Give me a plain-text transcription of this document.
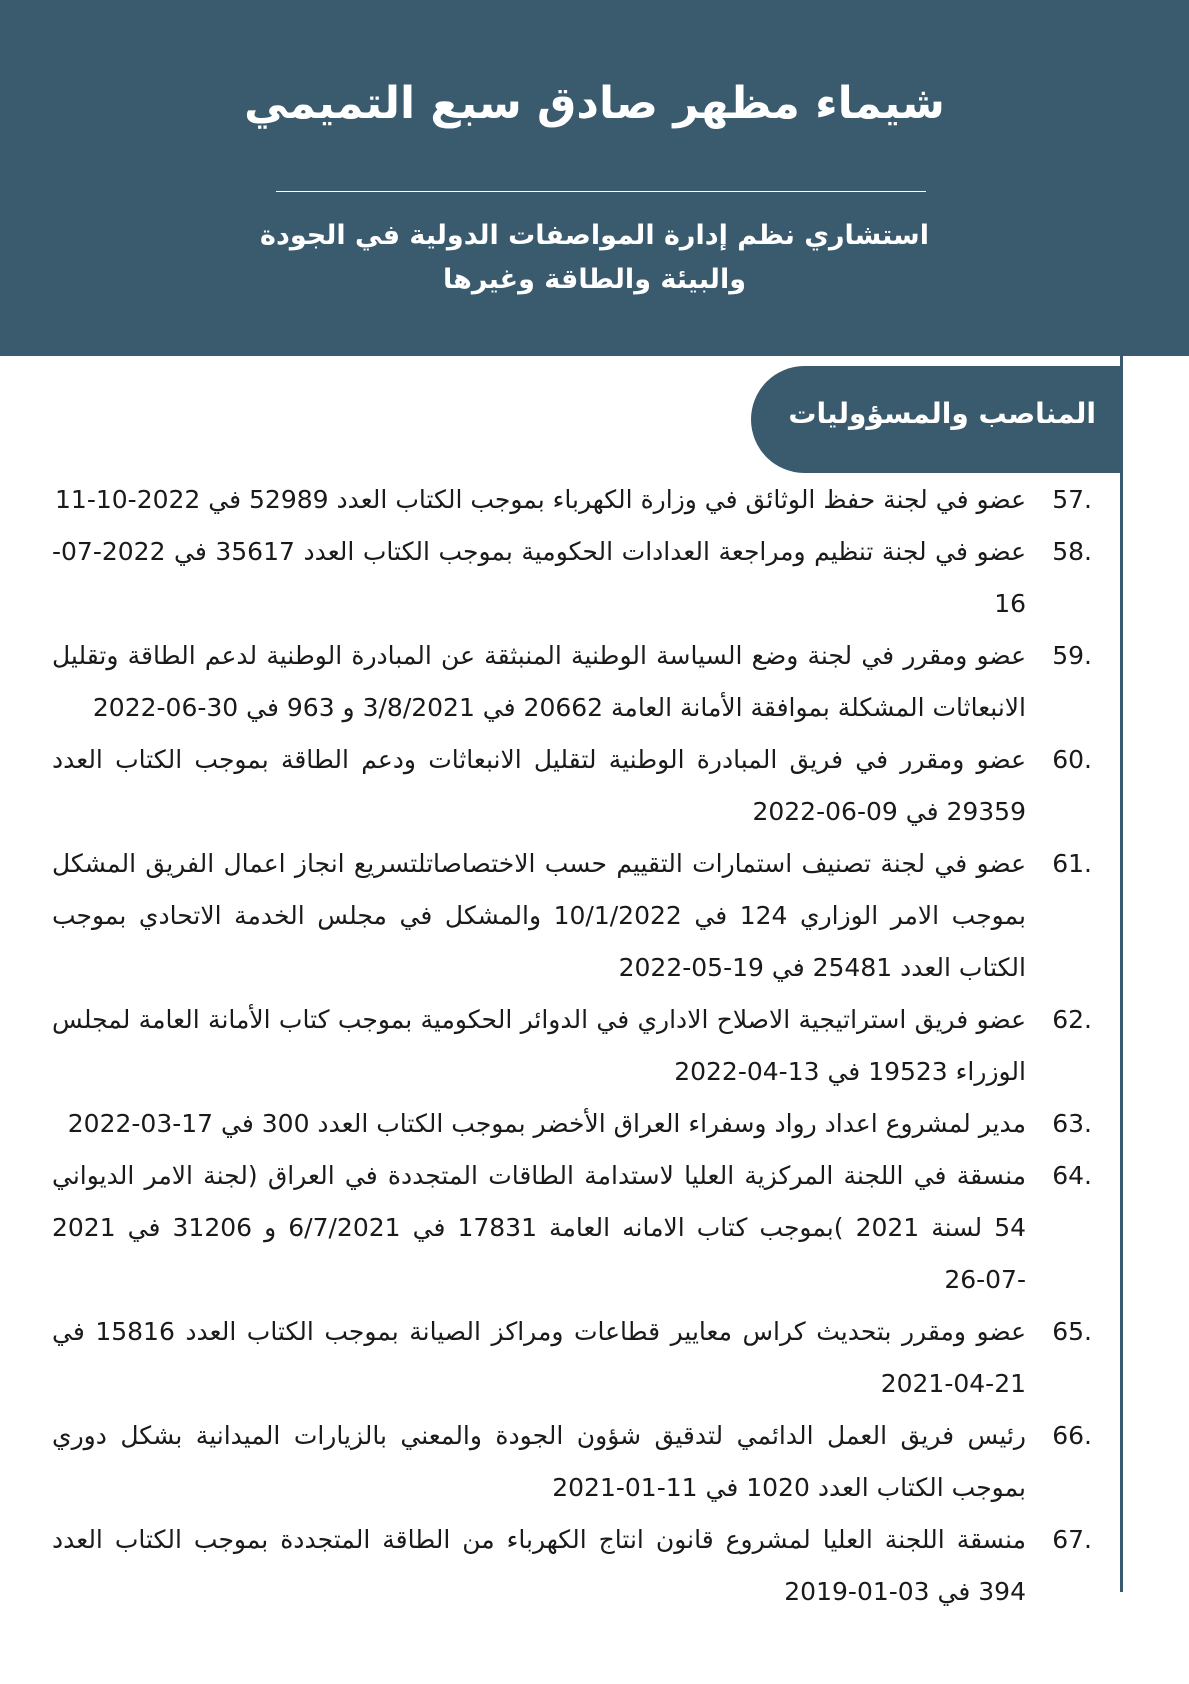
شيماء مظهر صادق سبع التميمي

استشاري نظم إدارة المواصفات الدولية في الجودة
والبيئة والطاقة وغيرها

المناصب والمسؤوليات
.57
عضو في لجنة حفظ الوثائق في وزارة الكهرباء بموجب الكتاب العدد 52989 في 2022-10-11
.58
عضو في لجنة تنظيم ومراجعة العدادات الحكومية بموجب الكتاب العدد 35617 في 2022-07-16
.59
عضو ومقرر في لجنة وضع السياسة الوطنية المنبثقة عن المبادرة الوطنية لدعم الطاقة وتقليل الانبعاثات المشكلة بموافقة الأمانة العامة 20662 في 3/8/2021 و 963 في 30-06-2022
.60
عضو ومقرر في فريق المبادرة الوطنية لتقليل الانبعاثات ودعم الطاقة بموجب الكتاب العدد 29359 في 09-06-2022
.61
عضو في لجنة تصنيف استمارات التقييم حسب الاختصاصاتلتسريع انجاز اعمال الفريق المشكل بموجب الامر الوزاري 124 في 10/1/2022 والمشكل في مجلس الخدمة الاتحادي بموجب الكتاب العدد 25481 في 19-05-2022
.62
عضو فريق استراتيجية الاصلاح الاداري في الدوائر الحكومية بموجب كتاب الأمانة العامة لمجلس الوزراء 19523 في 13-04-2022
.63
مدير لمشروع اعداد رواد وسفراء العراق الأخضر بموجب الكتاب العدد 300 في 17-03-2022
.64
منسقة في اللجنة المركزية العليا لاستدامة الطاقات المتجددة في العراق (لجنة الامر الديواني 54 لسنة 2021 )بموجب كتاب الامانه العامة 17831 في 6/7/2021 و 31206 في 2021 -07-26
.65
عضو ومقرر بتحديث كراس معايير قطاعات ومراكز الصيانة بموجب الكتاب العدد 15816 في 21-04-2021
.66
رئيس فريق العمل الدائمي لتدقيق شؤون الجودة والمعني بالزيارات الميدانية بشكل دوري بموجب الكتاب العدد 1020 في 11-01-2021
.67
منسقة اللجنة العليا لمشروع قانون انتاج الكهرباء من الطاقة المتجددة بموجب الكتاب العدد 394 في 03-01-2019
